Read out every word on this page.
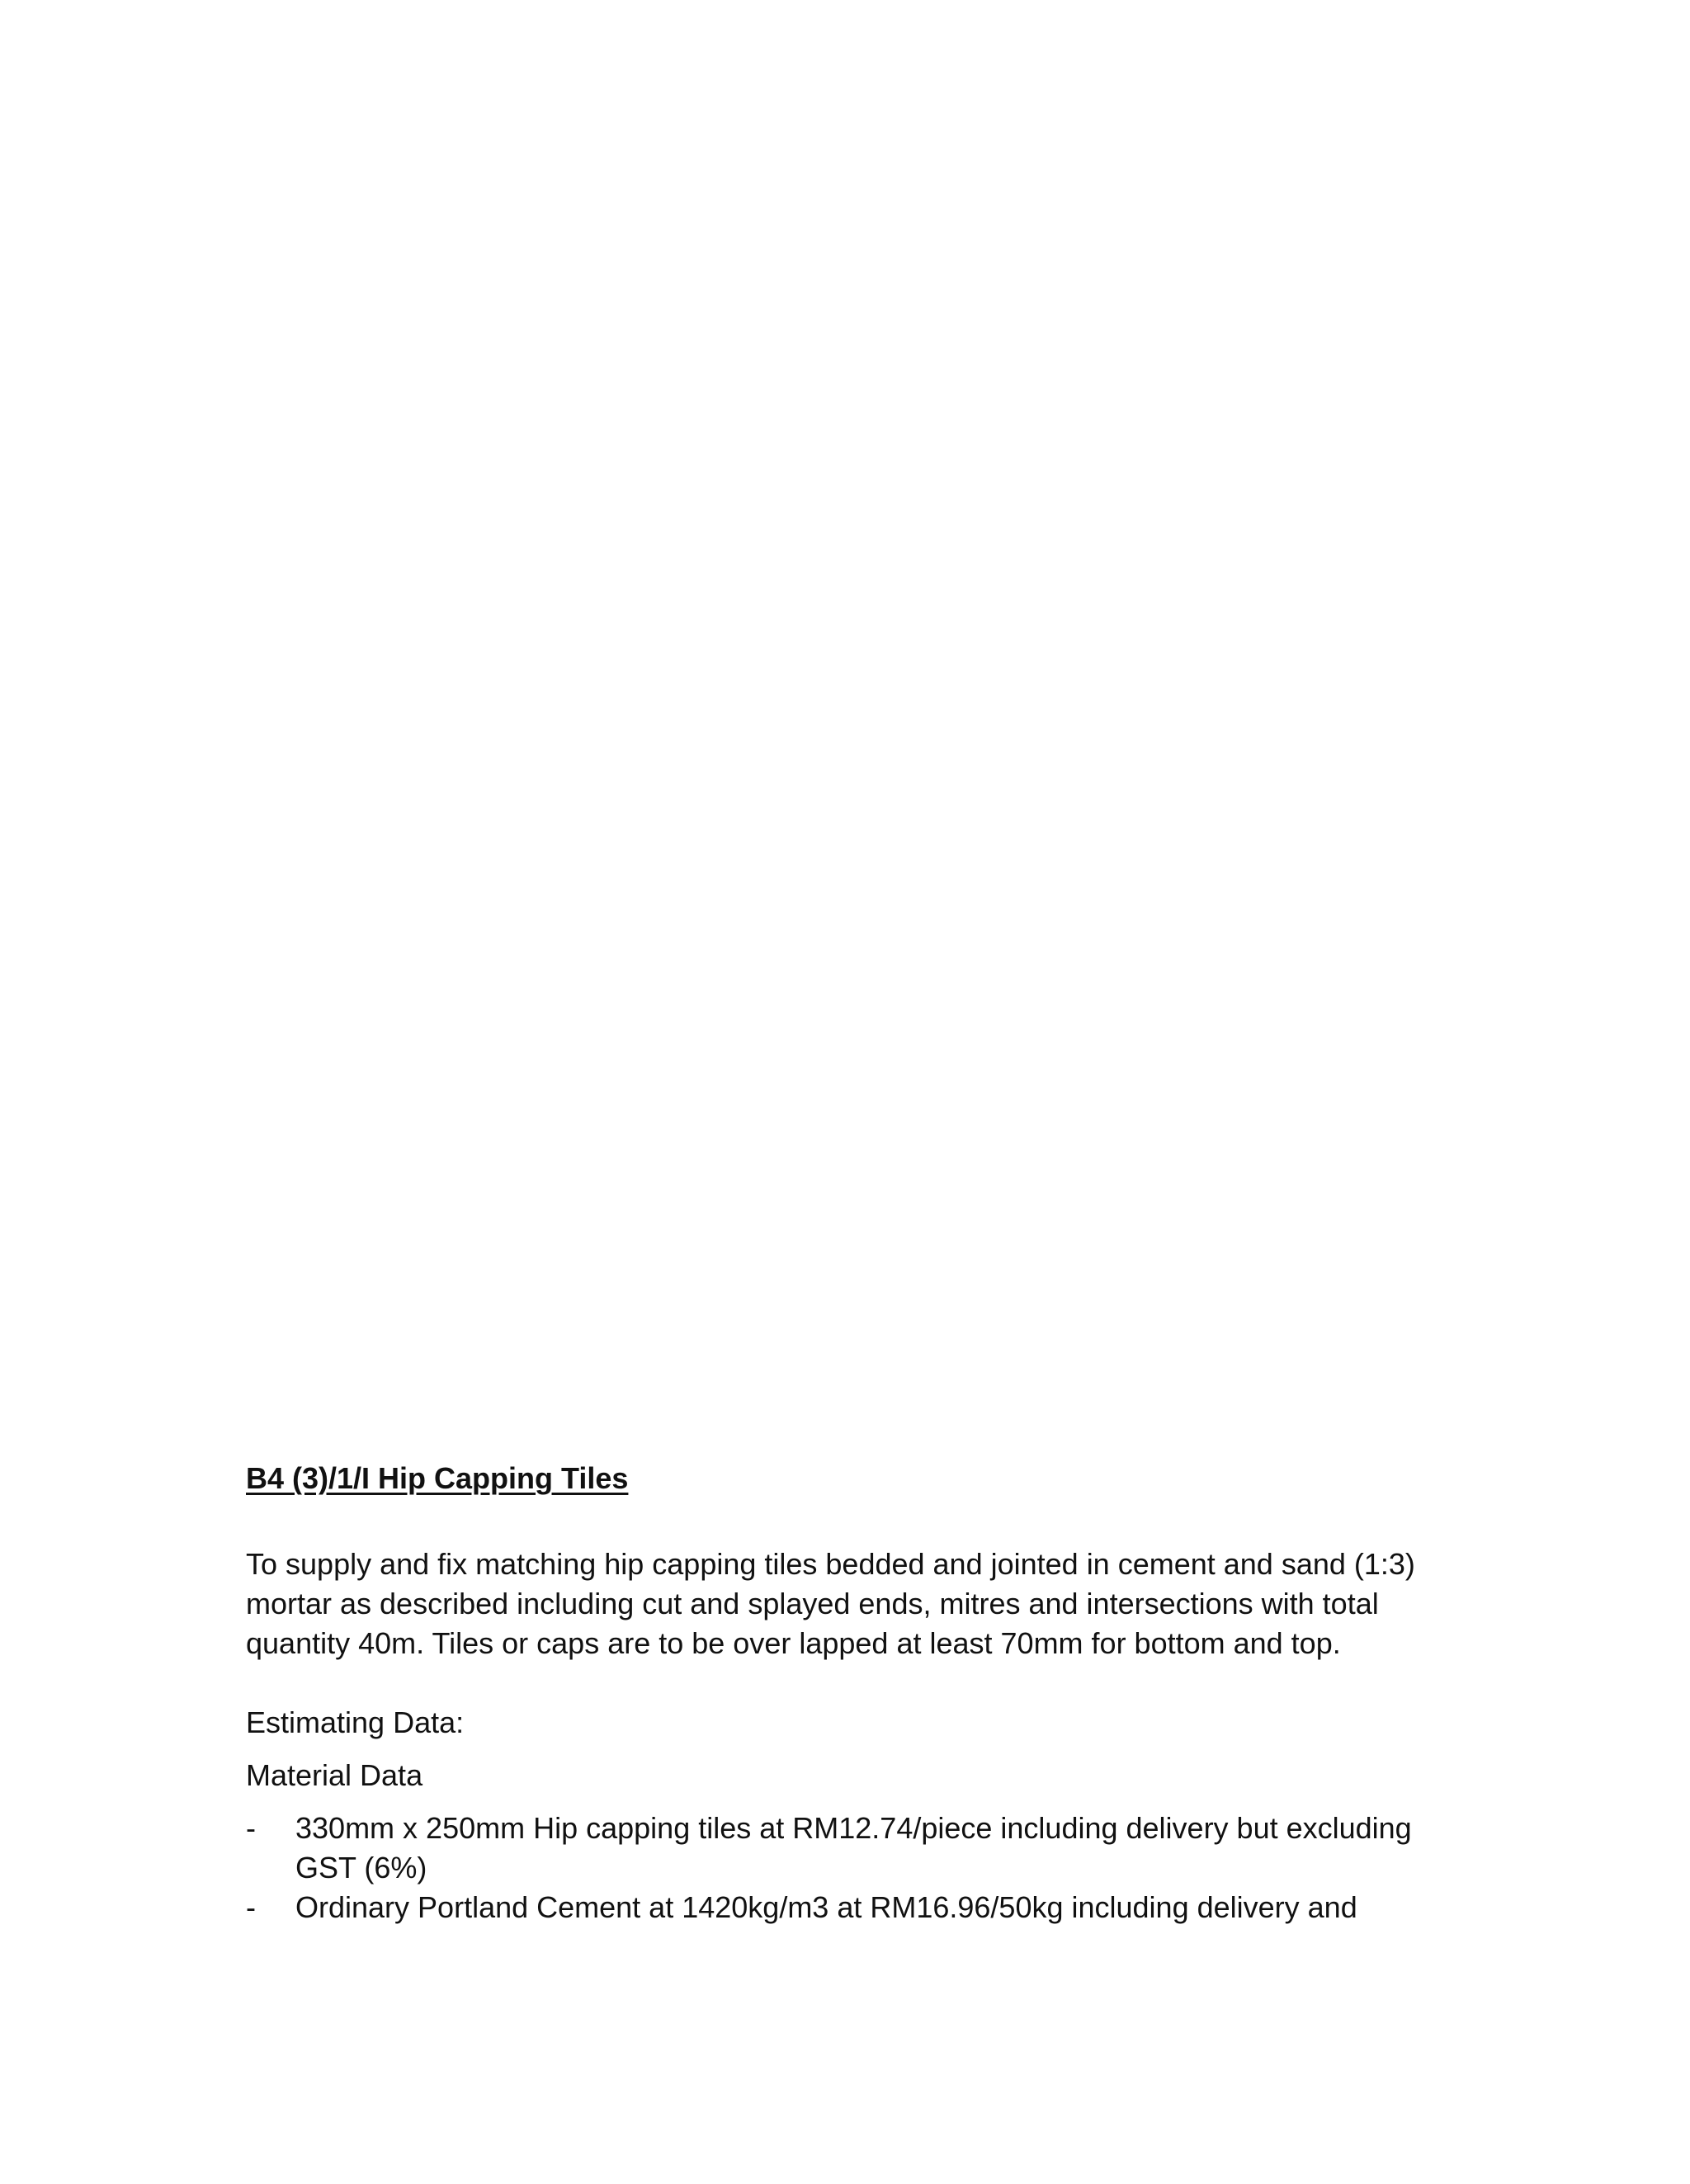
B4 (3)/1/I Hip Capping Tiles

To supply and fix matching hip capping tiles bedded and jointed in cement and sand (1:3) mortar as described including cut and splayed ends, mitres and intersections with total quantity 40m. Tiles or caps are to be over lapped at least 70mm for bottom and top.

Estimating Data:

Material Data

-	330mm x 250mm Hip capping tiles at RM12.74/piece including delivery but excluding GST (6%)
-	Ordinary Portland Cement at 1420kg/m3 at RM16.96/50kg including delivery and
